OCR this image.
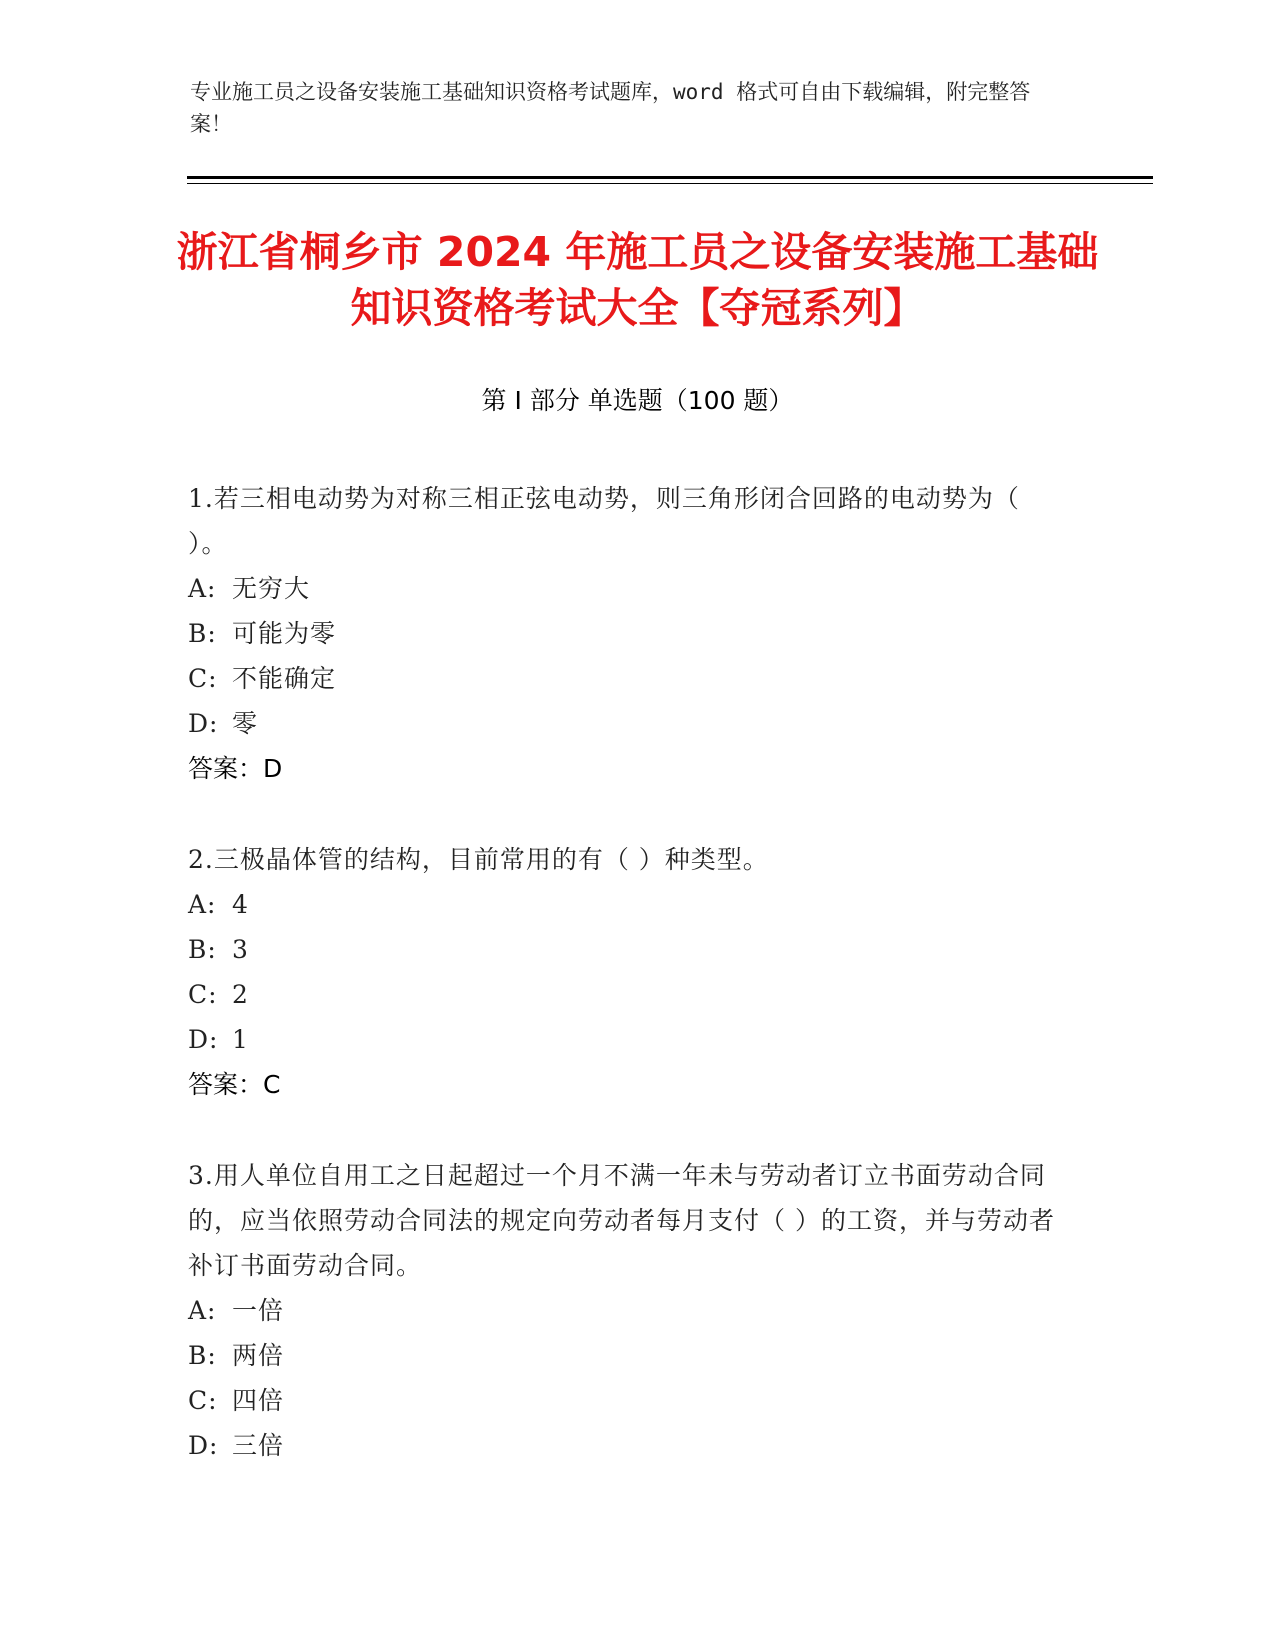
专业施工员之设备安装施工基础知识资格考试题库，word 格式可自由下载编辑，附完整答案！
浙江省桐乡市 2024 年施工员之设备安装施工基础知识资格考试大全【夺冠系列】
第 I 部分 单选题（100 题）
1.若三相电动势为对称三相正弦电动势，则三角形闭合回路的电动势为（ ）。
A: 无穷大
B: 可能为零
C: 不能确定
D: 零
答案：D
2.三极晶体管的结构，目前常用的有（ ）种类型。
A: 4
B: 3
C: 2
D: 1
答案：C
3.用人单位自用工之日起超过一个月不满一年未与劳动者订立书面劳动合同的，应当依照劳动合同法的规定向劳动者每月支付（ ）的工资，并与劳动者补订书面劳动合同。
A: 一倍
B: 两倍
C: 四倍
D: 三倍
